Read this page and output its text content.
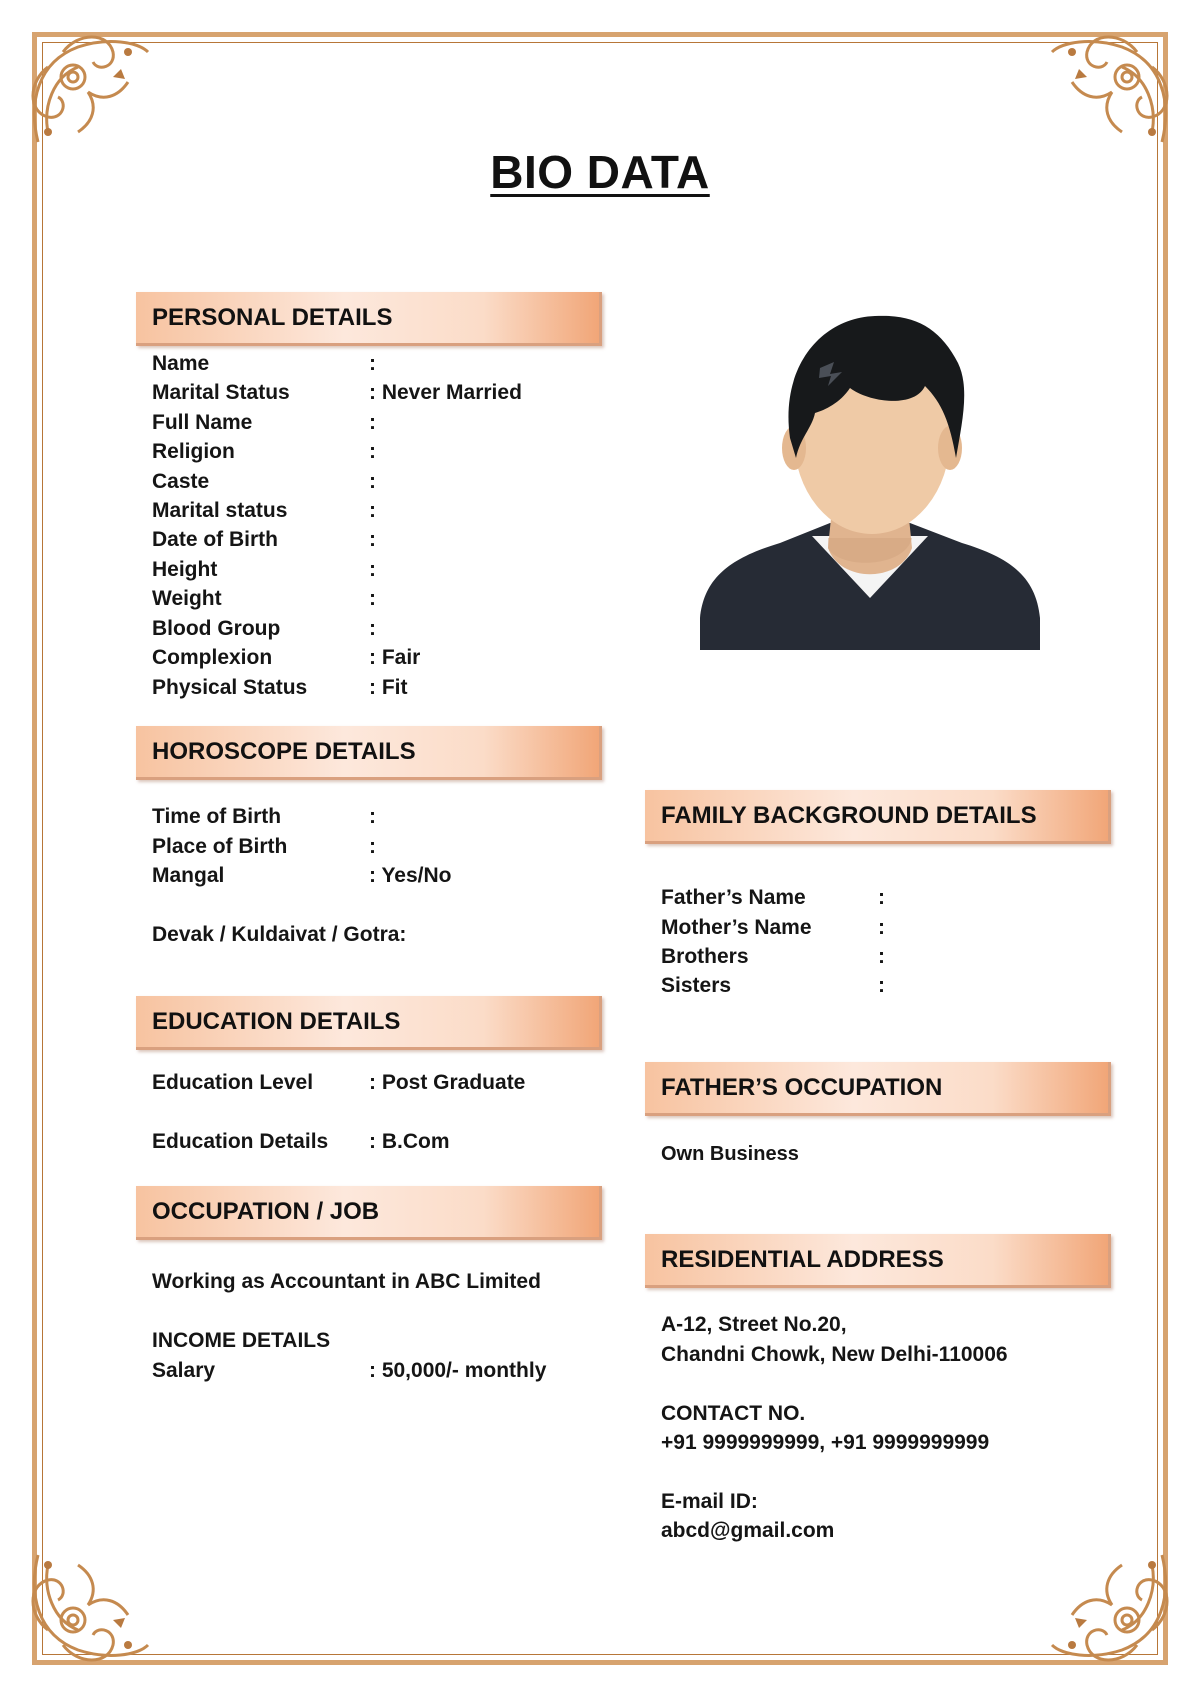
BIO DATA
PERSONAL DETAILS
Name	:
Marital Status	: Never Married
Full Name	:
Religion	:
Caste	:
Marital status	:
Date of Birth	:
Height	:
Weight	:
Blood Group	:
Complexion	: Fair
Physical Status	: Fit
HOROSCOPE DETAILS
Time of Birth	:
Place of Birth	:
Mangal	: Yes/No
Devak / Kuldaivat / Gotra:
EDUCATION DETAILS
Education Level	: Post Graduate
Education Details : B.Com
OCCUPATION / JOB
Working as Accountant in ABC Limited
INCOME DETAILS
Salary	: 50,000/- monthly
FAMILY BACKGROUND DETAILS
Father’s Name	:
Mother’s Name	:
Brothers	:
Sisters	:
FATHER’S OCCUPATION
Own Business
RESIDENTIAL ADDRESS
A-12, Street No.20,
Chandni Chowk, New Delhi-110006
CONTACT NO.
+91 9999999999, +91 9999999999
E-mail ID:
abcd@gmail.com
